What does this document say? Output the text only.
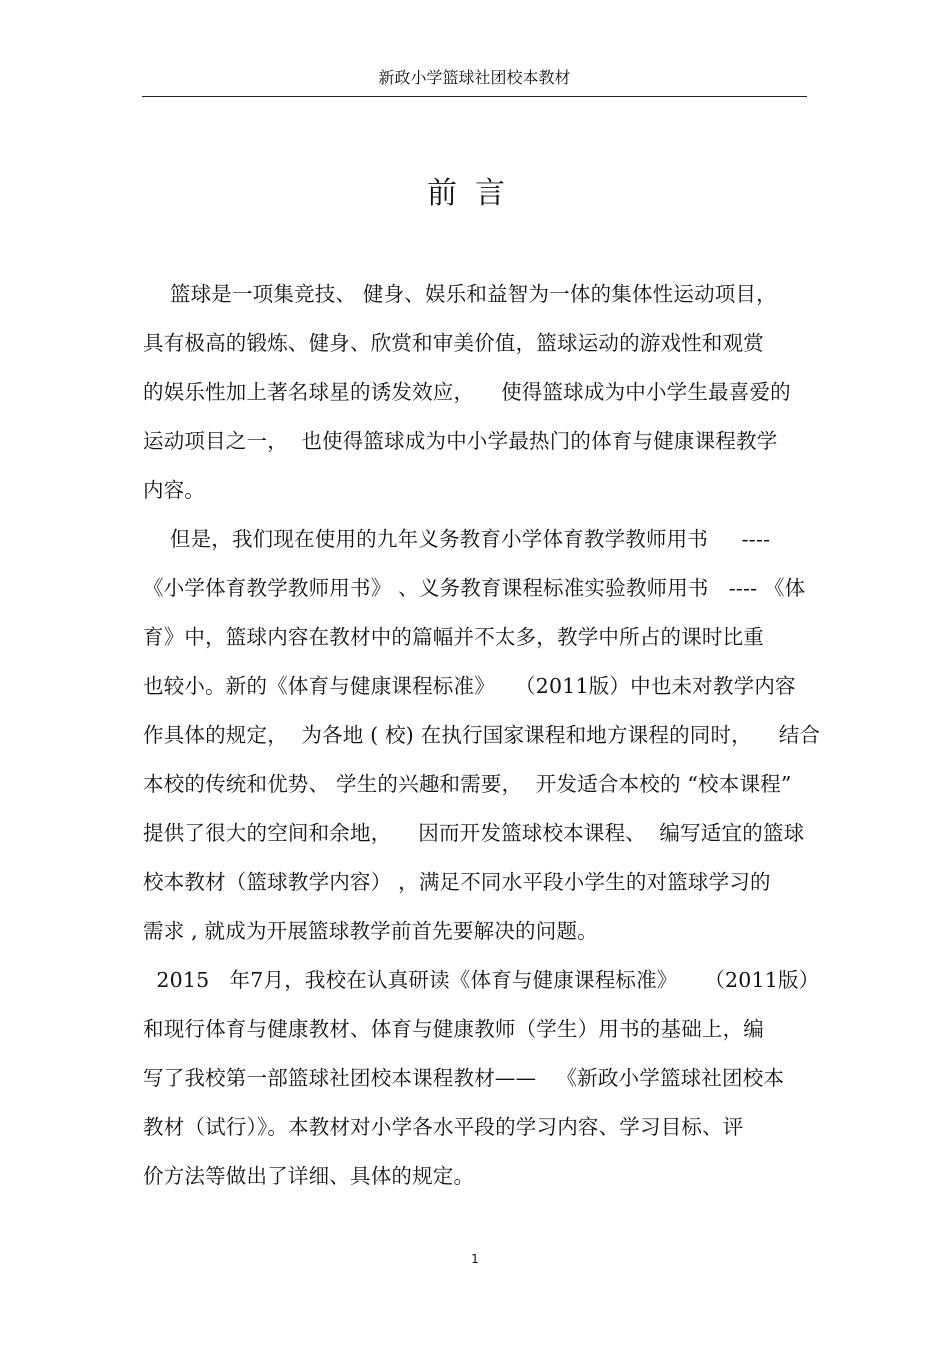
新政小学篮球社团校本教材
前言
篮球是一项集竞技、 健身、娱乐和益智为一体的集体性运动项目，
具有极高的锻炼、健身、欣赏和审美价值，篮球运动的游戏性和观赏
的娱乐性加上著名球星的诱发效应，    使得篮球成为中小学生最喜爱的
运动项目之一，  也使得篮球成为中小学最热门的体育与健康课程教学
内容。
但是，我们现在使用的九年义务教育小学体育教学教师用书     ----
《小学体育教学教师用书》 、义务教育课程标准实验教师用书   ---- 《体
育》中，篮球内容在教材中的篇幅并不太多，教学中所占的课时比重
也较小。新的《体育与健康课程标准》   （2011版）中也未对教学内容
作具体的规定，  为各地 ( 校) 在执行国家课程和地方课程的同时，    结合
本校的传统和优势、 学生的兴趣和需要，  开发适合本校的 “校本课程”
提供了很大的空间和余地，    因而开发篮球校本课程、  编写适宜的篮球
校本教材（篮球教学内容） ，满足不同水平段小学生的对篮球学习的
需求 , 就成为开展篮球教学前首先要解决的问题。
2015   年7月，我校在认真研读《体育与健康课程标准》    （2011版）
和现行体育与健康教材、体育与健康教师（学生）用书的基础上，编
写了我校第一部篮球社团校本课程教材——   《新政小学篮球社团校本
教材（试行）》。本教材对小学各水平段的学习内容、学习目标、评
价方法等做出了详细、具体的规定。
1
